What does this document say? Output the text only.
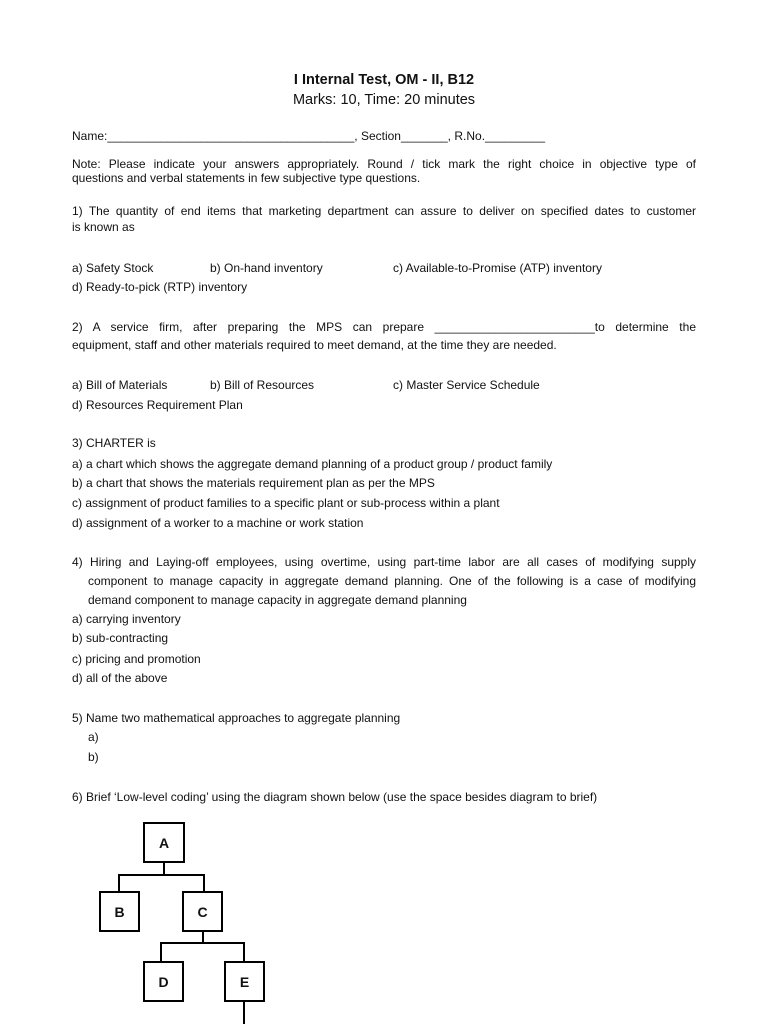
I Internal Test, OM - II, B12
Marks: 10, Time: 20 minutes
Name:_____________________________________, Section_______, R.No._________
Note: Please indicate your answers appropriately. Round / tick mark the right choice in objective type of
questions and verbal statements in few subjective type questions.
1) The quantity of end items that marketing department can assure to deliver on specified dates to customer
is known as
a) Safety Stock	b) On-hand inventory	c) Available-to-Promise (ATP) inventory
d) Ready-to-pick (RTP) inventory
2) A service firm, after preparing the MPS can prepare ________________________to determine the
equipment, staff and other materials required to meet demand, at the time they are needed.
a) Bill of Materials	b) Bill of Resources	c) Master Service Schedule
d) Resources Requirement Plan
3) CHARTER is
a) a chart which shows the aggregate demand planning of a product group / product family
b) a chart that shows the materials requirement plan as per the MPS
c) assignment of product families to a specific plant or sub-process within a plant
d) assignment of a worker to a machine or work station
4) Hiring and Laying-off employees, using overtime, using part-time labor are all cases of modifying supply
component to manage capacity in aggregate demand planning. One of the following is a case of modifying
demand component to manage capacity in aggregate demand planning
a) carrying inventory
b) sub-contracting
c) pricing and promotion
d) all of the above
5) Name two mathematical approaches to aggregate planning
a)
b)
6) Brief ‘Low-level coding’ using the diagram shown below (use the space besides diagram to brief)
A
B	C
D	E
